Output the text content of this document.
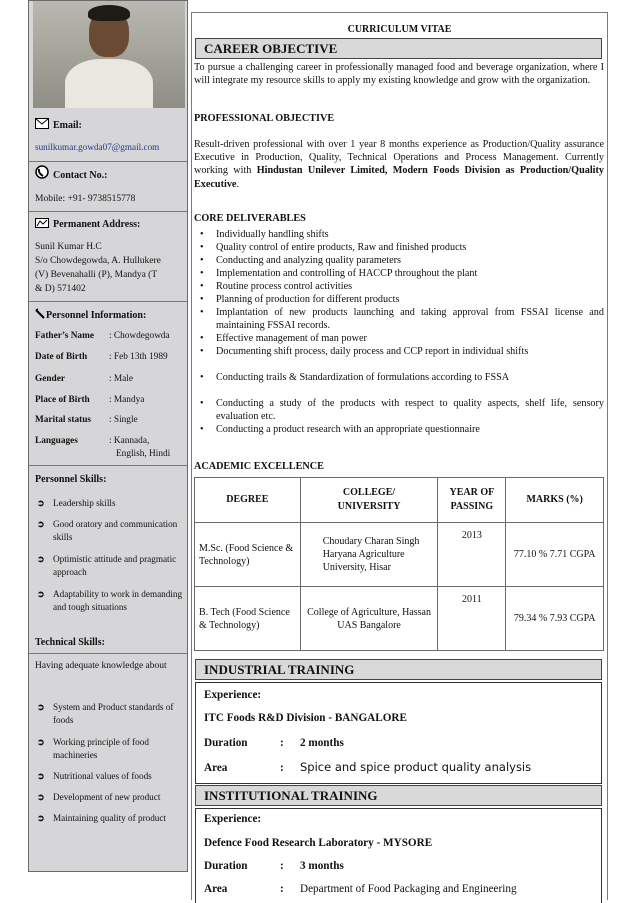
Email:
sunilkumar.gowda07@gmail.com
Contact No.:
Mobile: +91- 9738515778
Permanent Address:
Sunil Kumar H.C
S/o Chowdegowda, A. Hullukere
(V) Bevenahalli (P), Mandya (T
& D) 571402
Personnel Information:
Father’s Name : Chowdegowda
Date of Birth : Feb 13th 1989
Gender	: Male
Place of Birth : Mandya
Marital status : Single
Languages	: Kannada,
English, Hindi
Personnel Skills:
➲ Leadership skills
➲ Good oratory and communication skills
➲ Optimistic attitude and pragmatic approach
➲ Adaptability to work in demanding and tough situations
Technical Skills:
Having adequate knowledge about
➲ System and Product standards of foods
➲ Working principle of food machineries
➲ Nutritional values of foods
➲ Development of new product
➲ Maintaining quality of product
CURRICULUM VITAE
CAREER OBJECTIVE
To pursue a challenging career in professionally managed food and beverage organization, where I will integrate my resource skills to apply my existing knowledge and grow with the organization.
PROFESSIONAL OBJECTIVE
Result-driven professional with over 1 year 8 months experience as Production/Quality assurance Executive in Production, Quality, Technical Operations and Process Management. Currently working with Hindustan Unilever Limited, Modern Foods Division as Production/Quality Executive.
CORE DELIVERABLES
• Individually handling shifts
• Quality control of entire products, Raw and finished products
• Conducting and analyzing quality parameters
• Implementation and controlling of HACCP throughout the plant
• Routine process control activities
• Planning of production for different products
• Implantation of new products launching and taking approval from FSSAI license and maintaining FSSAI records.
• Effective management of man power
• Documenting shift process, daily process and CCP report in individual shifts
• Conducting trails & Standardization of formulations according to FSSA
• Conducting a study of the products with respect to quality aspects, shelf life, sensory evaluation etc.
• Conducting a product research with an appropriate questionnaire
ACADEMIC EXCELLENCE
DEGREE	COLLEGE/ UNIVERSITY	YEAR OF PASSING	MARKS (%)
M.Sc. (Food Science & Technology)	Choudary Charan Singh Haryana Agriculture University, Hisar	2013	77.10 % 7.71 CGPA
B. Tech (Food Science & Technology)	College of Agriculture, Hassan UAS Bangalore	2011	79.34 % 7.93 CGPA
INDUSTRIAL TRAINING
Experience:
ITC Foods R&D Division - BANGALORE
Duration	: 2 months
Area	: Spice and spice product quality analysis
INSTITUTIONAL TRAINING
Experience:
Defence Food Research Laboratory - MYSORE
Duration	: 3 months
Area	: Department of Food Packaging and Engineering
